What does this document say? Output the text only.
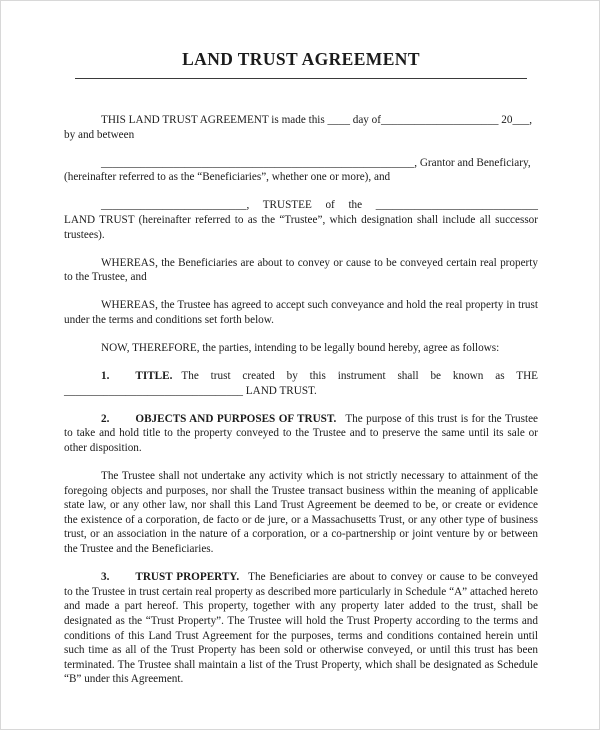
LAND TRUST AGREEMENT

THIS LAND TRUST AGREEMENT is made this ____ day of_____________________ 20___,
by and between

________________________________________________________, Grantor and Beneficiary,
(hereinafter referred to as the “Beneficiaries”, whether one or more), and

__________________________, TRUSTEE of the _____________________________
LAND TRUST (hereinafter referred to as the “Trustee”, which designation shall include all successor trustees).

WHEREAS, the Beneficiaries are about to convey or cause to be conveyed certain real property to the Trustee, and

WHEREAS, the Trustee has agreed to accept such conveyance and hold the real property in trust under the terms and conditions set forth below.

NOW, THEREFORE, the parties, intending to be legally bound hereby, agree as follows:

1. TITLE. The trust created by this instrument shall be known as THE ________________________________ LAND TRUST.

2. OBJECTS AND PURPOSES OF TRUST. The purpose of this trust is for the Trustee to take and hold title to the property conveyed to the Trustee and to preserve the same until its sale or other disposition.

The Trustee shall not undertake any activity which is not strictly necessary to attainment of the foregoing objects and purposes, nor shall the Trustee transact business within the meaning of applicable state law, or any other law, nor shall this Land Trust Agreement be deemed to be, or create or evidence the existence of a corporation, de facto or de jure, or a Massachusetts Trust, or any other type of business trust, or an association in the nature of a corporation, or a co-partnership or joint venture by or between the Trustee and the Beneficiaries.

3. TRUST PROPERTY. The Beneficiaries are about to convey or cause to be conveyed to the Trustee in trust certain real property as described more particularly in Schedule “A” attached hereto and made a part hereof. This property, together with any property later added to the trust, shall be designated as the “Trust Property”. The Trustee will hold the Trust Property according to the terms and conditions of this Land Trust Agreement for the purposes, terms and conditions contained herein until such time as all of the Trust Property has been sold or otherwise conveyed, or until this trust has been terminated. The Trustee shall maintain a list of the Trust Property, which shall be designated as Schedule “B” under this Agreement.
